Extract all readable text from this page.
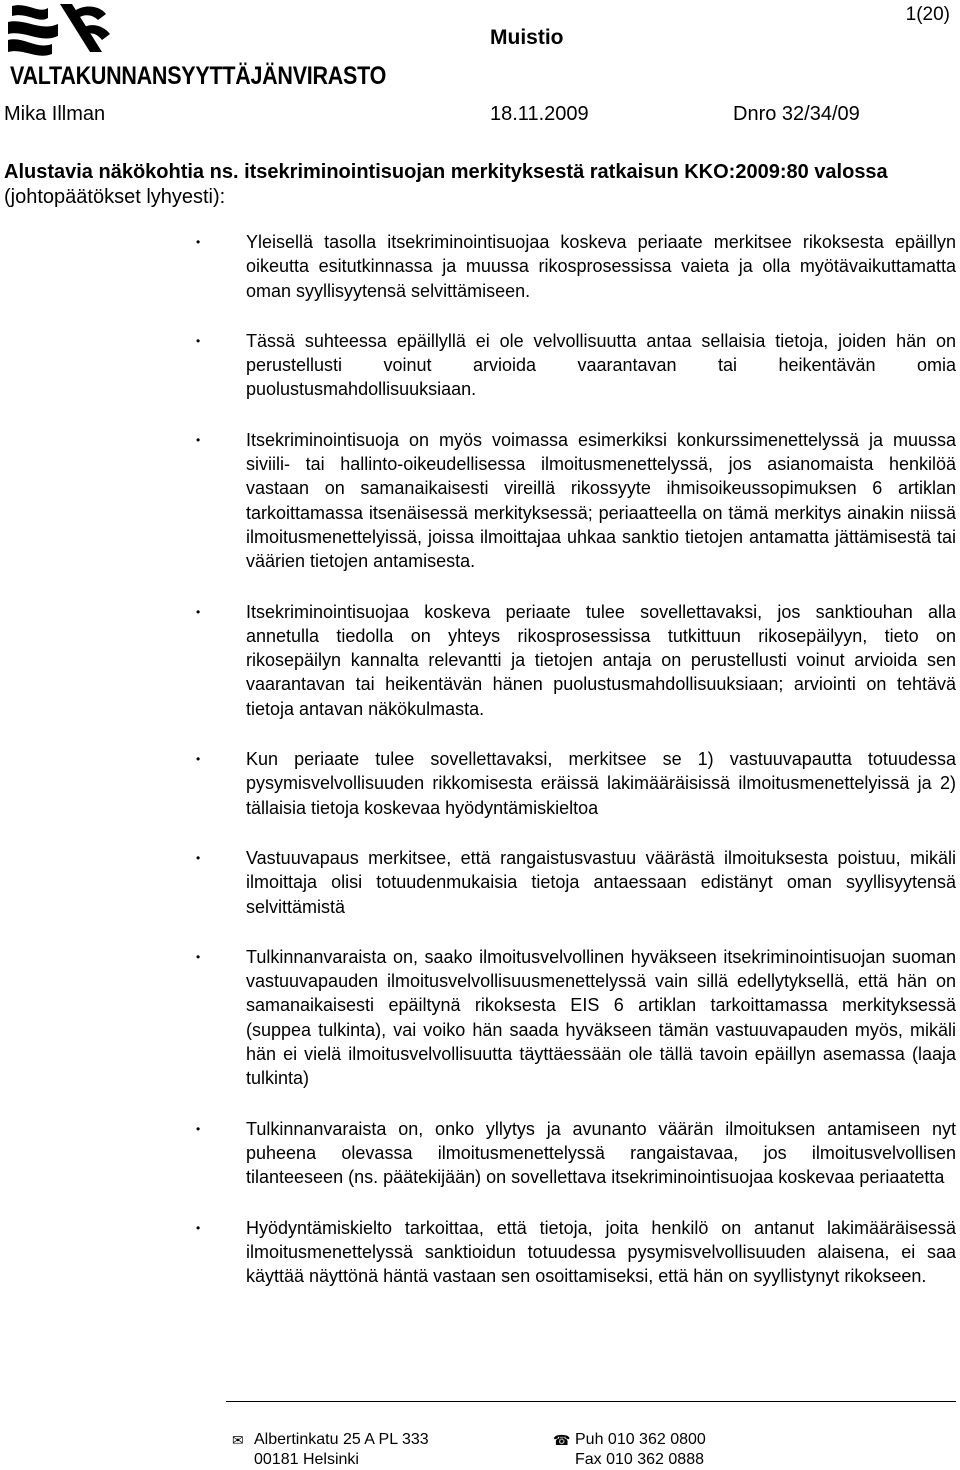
VALTAKUNNANSYYTTÄJÄNVIRASTO
Muistio
1(20)
Mika Illman	18.11.2009	Dnro 32/34/09
Alustavia näkökohtia ns. itsekriminointisuojan merkityksestä ratkaisun KKO:2009:80 valossa (johtopäätökset lyhyesti):
•	Yleisellä tasolla itsekriminointisuojaa koskeva periaate merkitsee rikoksesta epäillyn oikeutta esitutkinnassa ja muussa rikosprosessissa vaieta ja olla myötävaikuttamatta oman syyllisyytensä selvittämiseen.
•	Tässä suhteessa epäillyllä ei ole velvollisuutta antaa sellaisia tietoja, joiden hän on perustellusti voinut arvioida vaarantavan tai heikentävän omia puolustusmahdollisuuksiaan.
•	Itsekriminointisuoja on myös voimassa esimerkiksi konkurssimenettelyssä ja muussa siviili- tai hallinto-oikeudellisessa ilmoitusmenettelyssä, jos asianomaista henkilöä vastaan on samanaikaisesti vireillä rikossyyte ihmisoikeussopimuksen 6 artiklan tarkoittamassa itsenäisessä merkityksessä; periaatteella on tämä merkitys ainakin niissä ilmoitusmenettelyissä, joissa ilmoittajaa uhkaa sanktio tietojen antamatta jättämisestä tai väärien tietojen antamisesta.
•	Itsekriminointisuojaa koskeva periaate tulee sovellettavaksi, jos sanktiouhan alla annetulla tiedolla on yhteys rikosprosessissa tutkittuun rikosepäilyyn, tieto on rikosepäilyn kannalta relevantti ja tietojen antaja on perustellusti voinut arvioida sen vaarantavan tai heikentävän hänen puolustusmahdollisuuksiaan; arviointi on tehtävä tietoja antavan näkökulmasta.
•	Kun periaate tulee sovellettavaksi, merkitsee se 1) vastuuvapautta totuudessa pysymisvelvollisuuden rikkomisesta eräissä lakimääräisissä ilmoitusmenettelyissä ja 2) tällaisia tietoja koskevaa hyödyntämiskieltoa
•	Vastuuvapaus merkitsee, että rangaistusvastuu väärästä ilmoituksesta poistuu, mikäli ilmoittaja olisi totuudenmukaisia tietoja antaessaan edistänyt oman syyllisyytensä selvittämistä
•	Tulkinnanvaraista on, saako ilmoitusvelvollinen hyväkseen itsekriminointisuojan suoman vastuuvapauden ilmoitusvelvollisuusmenettelyssä vain sillä edellytyksellä, että hän on samanaikaisesti epäiltynä rikoksesta EIS 6 artiklan tarkoittamassa merkityksessä (suppea tulkinta), vai voiko hän saada hyväkseen tämän vastuuvapauden myös, mikäli hän ei vielä ilmoitusvelvollisuutta täyttäessään ole tällä tavoin epäillyn asemassa (laaja tulkinta)
•	Tulkinnanvaraista on, onko yllytys ja avunanto väärän ilmoituksen antamiseen nyt puheena olevassa ilmoitusmenettelyssä rangaistavaa, jos ilmoitusvelvollisen tilanteeseen (ns. päätekijään) on sovellettava itsekriminointisuojaa koskevaa periaatetta
•	Hyödyntämiskielto tarkoittaa, että tietoja, joita henkilö on antanut lakimääräisessä ilmoitusmenettelyssä sanktioidun totuudessa pysymisvelvollisuuden alaisena, ei saa käyttää näyttönä häntä vastaan sen osoittamiseksi, että hän on syyllistynyt rikokseen.
✉ Albertinkatu 25 A PL 333
00181 Helsinki
☎ Puh 010 362 0800
Fax 010 362 0888
